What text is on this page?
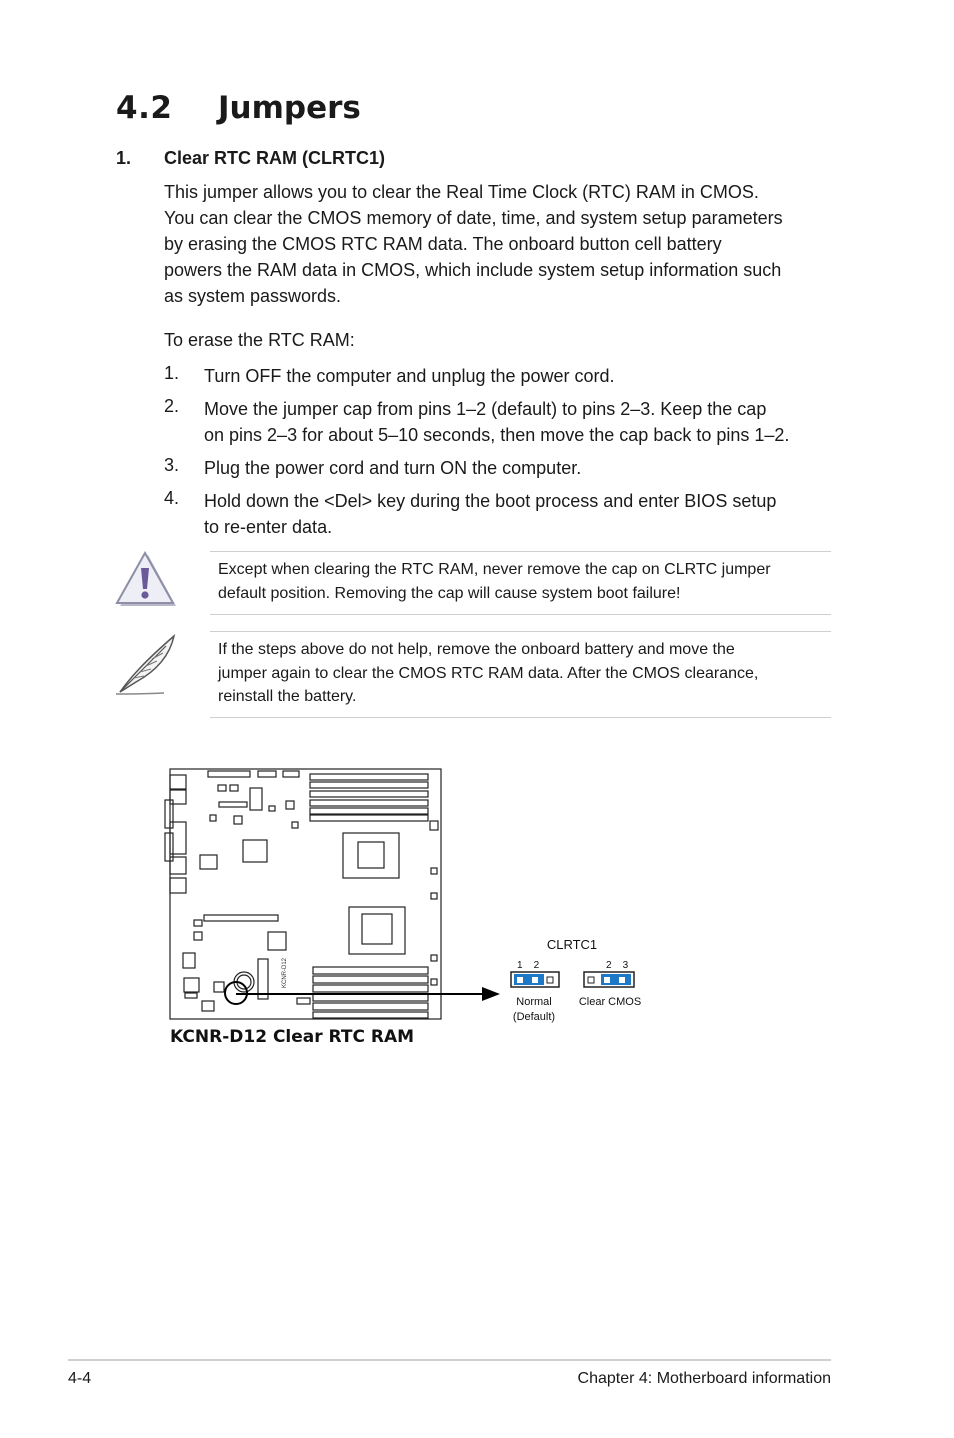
4.2 Jumpers
1. Clear RTC RAM (CLRTC1)

This jumper allows you to clear the Real Time Clock (RTC) RAM in CMOS.

You can clear the CMOS memory of date, time, and system setup parameters

by erasing the CMOS RTC RAM data. The onboard button cell battery

powers the RAM data in CMOS, which include system setup information such

as system passwords.

To erase the RTC RAM:
1. Turn OFF the computer and unplug the power cord.
2. Move the jumper cap from pins 1–2 (default) to pins 2–3. Keep the cap
on pins 2–3 for about 5–10 seconds, then move the cap back to pins 1–2.
3. Plug the power cord and turn ON the computer.
4. Hold down the <Del> key during the boot process and enter BIOS setup
to re-enter data.
Except when clearing the RTC RAM, never remove the cap on CLRTC jumper
default position. Removing the cap will cause system boot failure!
If the steps above do not help, remove the onboard battery and move the
jumper again to clear the CMOS RTC RAM data. After the CMOS clearance,
reinstall the battery.
KCNR-D12
KCNR-D12 Clear RTC RAM
CLRTC1
1    2	2    3
Normal
(Default)
Clear CMOS
4-4	Chapter 4: Motherboard information
